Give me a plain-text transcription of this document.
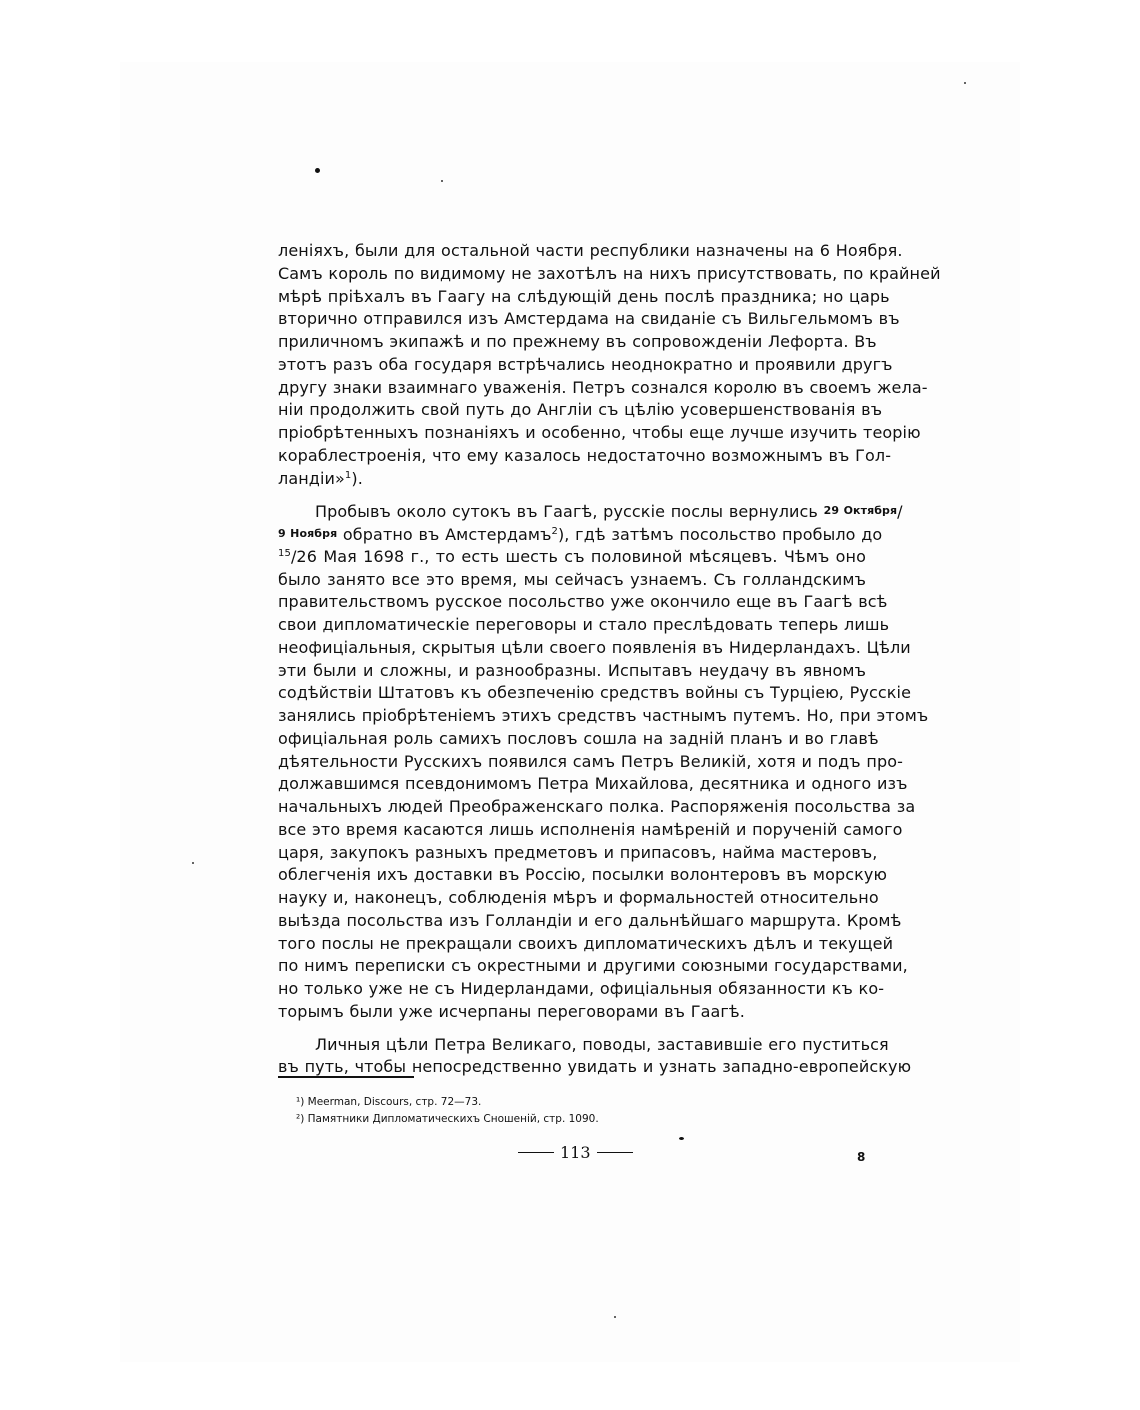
леніяхъ, были для остальной части республики назначены на 6 Ноября.
Самъ король по видимому не захотѣлъ на нихъ присутствовать, по крайней
мѣрѣ пріѣхалъ въ Гаагу на слѣдующій день послѣ праздника; но царь
вторично отправился изъ Амстердама на свиданіе съ Вильгельмомъ въ
приличномъ экипажѣ и по прежнему въ сопровожденіи Лефорта. Въ
этотъ разъ оба государя встрѣчались неоднократно и проявили другъ
другу знаки взаимнаго уваженія. Петръ сознался королю въ своемъ жела-
ніи продолжить свой путь до Англіи съ цѣлію усовершенствованія въ
пріобрѣтенныхъ познаніяхъ и особенно, чтобы еще лучше изучить теорію
кораблестроенія, что ему казалось недостаточно возможнымъ въ Гол-
ландіи»$^1$).
Пробывъ около сутокъ въ Гаагѣ, русскіе послы вернулись 29 Октября/
9 Ноября обратно въ Амстердамъ$^2$), гдѣ затѣмъ посольство пробыло до
$^{15}$/26 Мая 1698 г., то есть шесть съ половиной мѣсяцевъ. Чѣмъ оно
было занято все это время, мы сейчасъ узнаемъ. Съ голландскимъ
правительствомъ русское посольство уже окончило еще въ Гаагѣ всѣ
свои дипломатическіе переговоры и стало преслѣдовать теперь лишь
неофиціальныя, скрытыя цѣли своего появленія въ Нидерландахъ. Цѣли
эти были и сложны, и разнообразны. Испытавъ неудачу въ явномъ
содѣйствіи Штатовъ къ обезпеченію средствъ войны съ Турціею, Русскіе
занялись пріобрѣтеніемъ этихъ средствъ частнымъ путемъ. Но, при этомъ
офиціальная роль самихъ пословъ сошла на задній планъ и во главѣ
дѣятельности Русскихъ появился самъ Петръ Великій, хотя и подъ про-
должавшимся псевдонимомъ Петра Михайлова, десятника и одного изъ
начальныхъ людей Преображенскаго полка. Распоряженія посольства за
все это время касаются лишь исполненія намѣреній и порученій самого
царя, закупокъ разныхъ предметовъ и припасовъ, найма мастеровъ,
облегченія ихъ доставки въ Россію, посылки волонтеровъ въ морскую
науку и, наконецъ, соблюденія мѣръ и формальностей относительно
выѣзда посольства изъ Голландіи и его дальнѣйшаго маршрута. Кромѣ
того послы не прекращали своихъ дипломатическихъ дѣлъ и текущей
по нимъ переписки съ окрестными и другими союзными государствами,
но только уже не съ Нидерландами, офиціальныя обязанности къ ко-
торымъ были уже исчерпаны переговорами въ Гаагѣ.
Личныя цѣли Петра Великаго, поводы, заставившіе его пуститься
въ путь, чтобы непосредственно увидать и узнать западно-европейскую
¹) Meerman, Discours, стр. 72—73.
²) Памятники Дипломатическихъ Сношеній, стр. 1090.
113	8
